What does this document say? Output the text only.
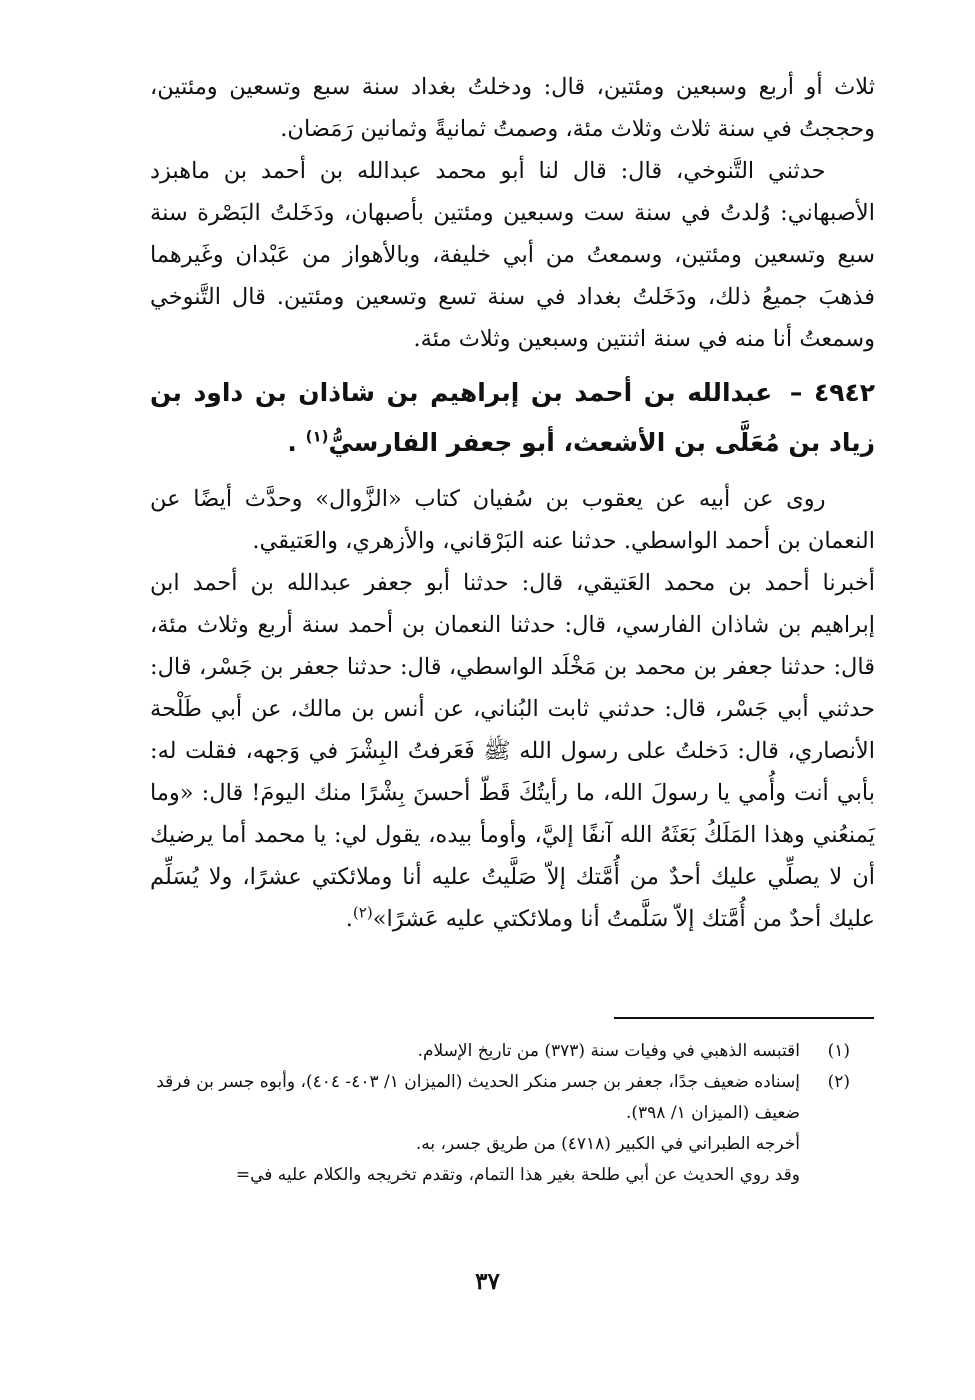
ثلاث أو أربع وسبعين ومئتين، قال: ودخلتُ بغداد سنة سبع وتسعين ومئتين، وحججتُ في سنة ثلاث وثلاث مئة، وصمتُ ثمانيةً وثمانين رَمَضان.

حدثني التَّنوخي، قال: قال لنا أبو محمد عبدالله بن أحمد بن ماهبزد الأصبهاني: وُلدتُ في سنة ست وسبعين ومئتين بأصبهان، ودَخَلتُ البَصْرة سنة سبع وتسعين ومئتين، وسمعتُ من أبي خليفة، وبالأهواز من عَبْدان وغَيرهما فذهبَ جميعُ ذلك، ودَخَلتُ بغداد في سنة تسع وتسعين ومئتين. قال التَّنوخي وسمعتُ أنا منه في سنة اثنتين وسبعين وثلاث مئة.

٤٩٤٢ – عبدالله بن أحمد بن إبراهيم بن شاذان بن داود بن زياد بن مُعَلَّى بن الأشعث، أبو جعفر الفارسيُّ$^{(١)}$ .

روى عن أبيه عن يعقوب بن سُفيان كتاب «الزَّوال» وحدَّث أيضًا عن النعمان بن أحمد الواسطي. حدثنا عنه البَرْقاني، والأزهري، والعَتيقي.

أخبرنا أحمد بن محمد العَتيقي، قال: حدثنا أبو جعفر عبدالله بن أحمد ابن إبراهيم بن شاذان الفارسي، قال: حدثنا النعمان بن أحمد سنة أربع وثلاث مئة، قال: حدثنا جعفر بن محمد بن مَخْلَد الواسطي، قال: حدثنا جعفر بن جَسْر، قال: حدثني أبي جَسْر، قال: حدثني ثابت البُناني، عن أنس بن مالك، عن أبي طَلْحة الأنصاري، قال: دَخلتُ على رسول الله ﷺ فَعَرفتُ البِشْرَ في وَجهه، فقلت له: بأبي أنت وأُمي يا رسولَ الله، ما رأيتُكَ قَطّ أحسنَ بِشْرًا منك اليومَ! قال: «وما يَمنعُني وهذا المَلَكُ بَعَثَهُ الله آنفًا إليَّ، وأومأ بيده، يقول لي: يا محمد أما يرضيك أن لا يصلِّي عليك أحدٌ من أُمَّتك إلاّ صَلَّيتُ عليه أنا وملائكتي عشرًا، ولا يُسَلِّم عليك أحدٌ من أُمَّتك إلاّ سَلَّمتُ أنا وملائكتي عليه عَشرًا»$^{(٢)}$.

(١)
اقتبسه الذهبي في وفيات سنة (٣٧٣) من تاريخ الإسلام.
(٢)
إسناده ضعيف جدًا، جعفر بن جسر منكر الحديث (الميزان ١/ ٤٠٣- ٤٠٤)، وأبوه جسر بن فرقد ضعيف (الميزان ١/ ٣٩٨).
أخرجه الطبراني في الكبير (٤٧١٨) من طريق جسر، به.
وقد روي الحديث عن أبي طلحة بغير هذا التمام، وتقدم تخريجه والكلام عليه في=
٣٧
